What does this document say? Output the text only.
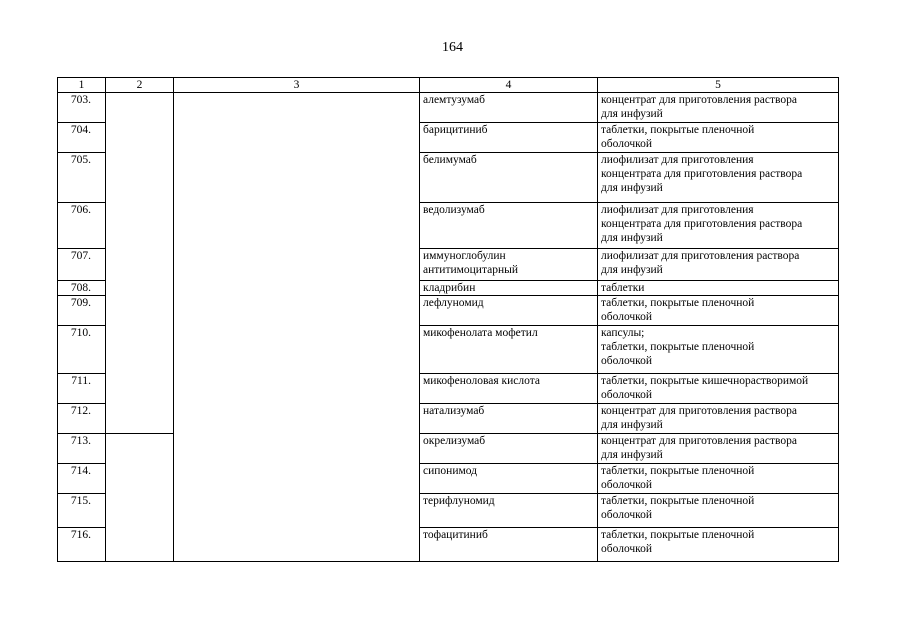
164
1	2	3	4	5
703.			алемтузумаб	концентрат для приготовления раствора
для инфузий
704.			барицитиниб	таблетки, покрытые пленочной
оболочкой
705.			белимумаб	лиофилизат для приготовления
концентрата для приготовления раствора
для инфузий
706.			ведолизумаб	лиофилизат для приготовления
концентрата для приготовления раствора
для инфузий
707.			иммуноглобулин
антитимоцитарный	лиофилизат для приготовления раствора
для инфузий
708.			кладрибин	таблетки
709.			лефлуномид	таблетки, покрытые пленочной
оболочкой
710.			микофенолата мофетил	капсулы;
таблетки, покрытые пленочной
оболочкой
711.			микофеноловая кислота	таблетки, покрытые кишечнорастворимой
оболочкой
712.			натализумаб	концентрат для приготовления раствора
для инфузий
713.			окрелизумаб	концентрат для приготовления раствора
для инфузий
714.			сипонимод	таблетки, покрытые пленочной
оболочкой
715.			терифлуномид	таблетки, покрытые пленочной
оболочкой
716.			тофацитиниб	таблетки, покрытые пленочной
оболочкой
